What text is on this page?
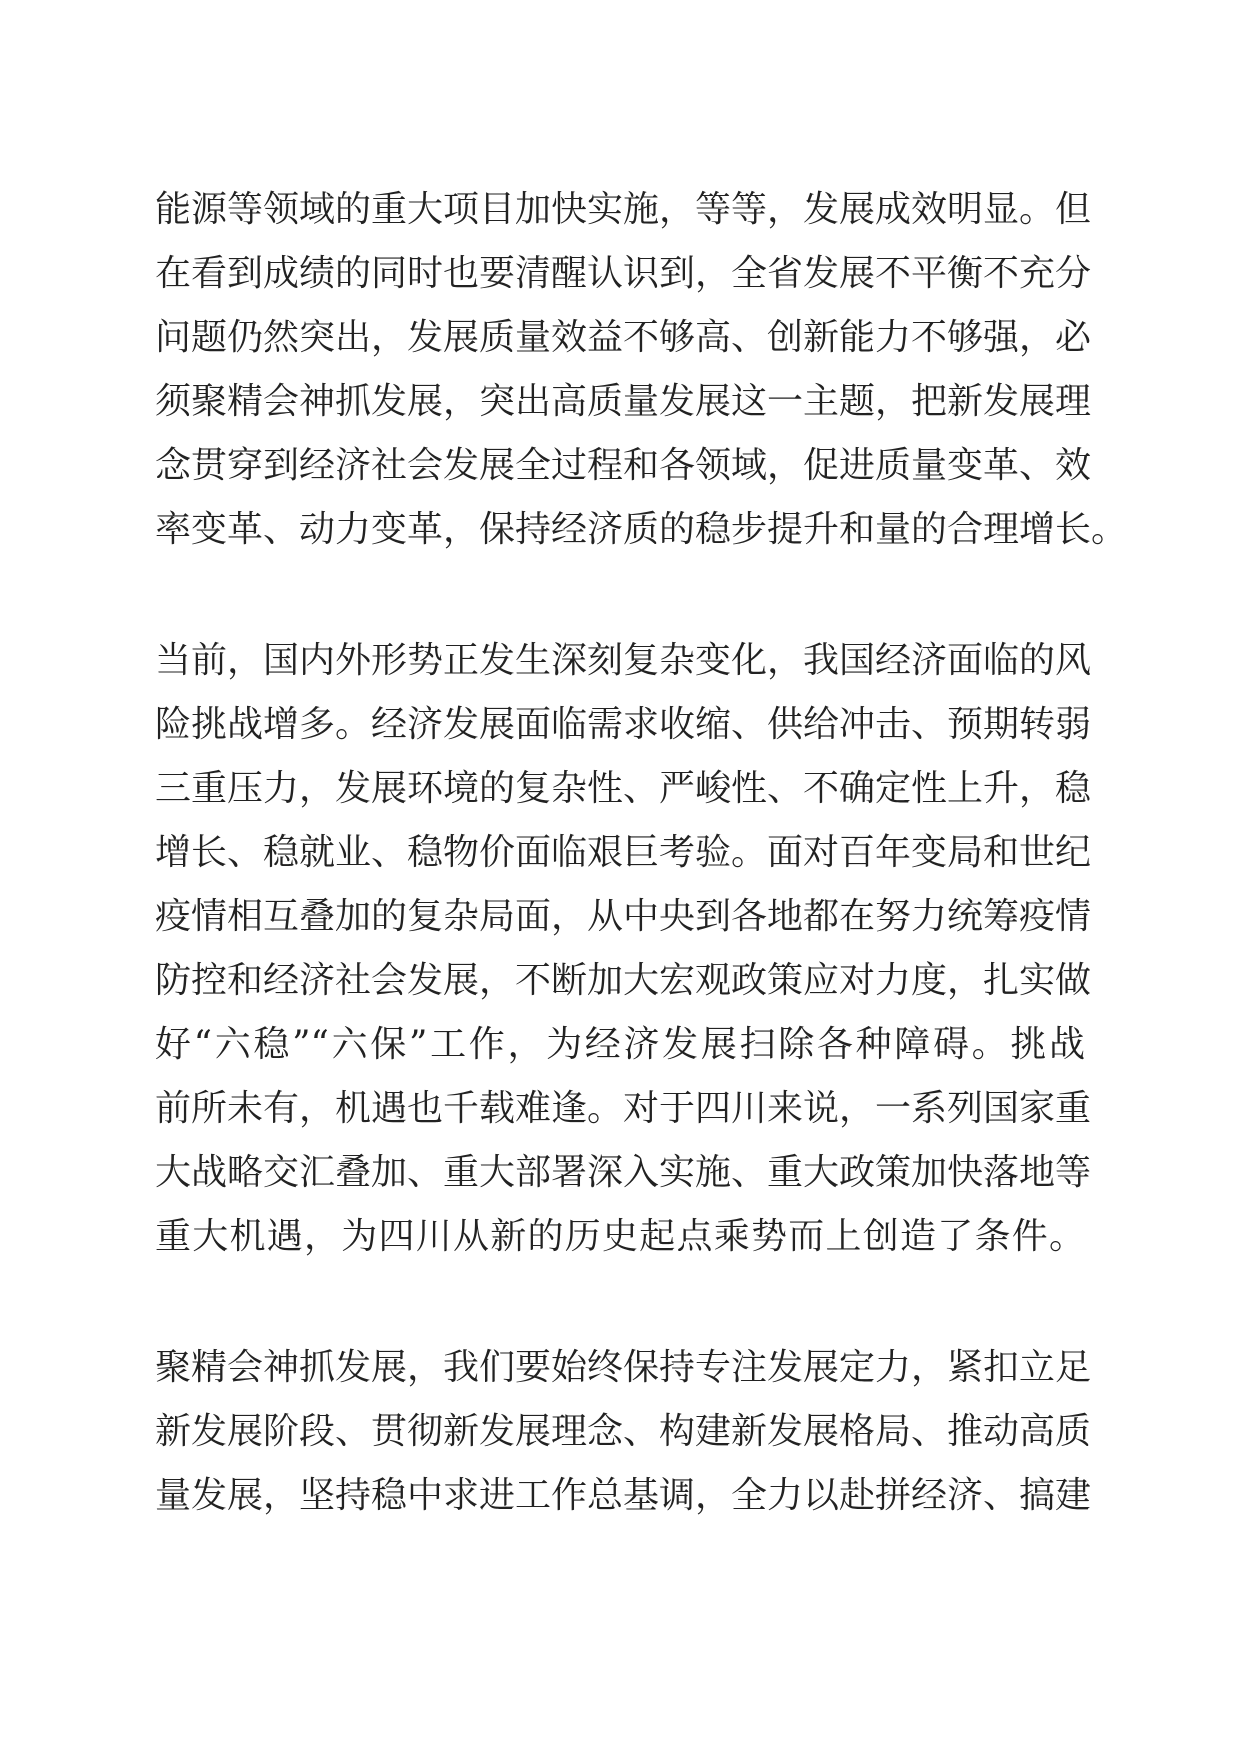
能源等领域的重大项目加快实施，等等，发展成效明显。但
在看到成绩的同时也要清醒认识到，全省发展不平衡不充分
问题仍然突出，发展质量效益不够高、创新能力不够强，必
须聚精会神抓发展，突出高质量发展这一主题，把新发展理
念贯穿到经济社会发展全过程和各领域，促进质量变革、效
率变革、动力变革，保持经济质的稳步提升和量的合理增长。
当前，国内外形势正发生深刻复杂变化，我国经济面临的风
险挑战增多。经济发展面临需求收缩、供给冲击、预期转弱
三重压力，发展环境的复杂性、严峻性、不确定性上升，稳
增长、稳就业、稳物价面临艰巨考验。面对百年变局和世纪
疫情相互叠加的复杂局面，从中央到各地都在努力统筹疫情
防控和经济社会发展，不断加大宏观政策应对力度，扎实做
好“六稳”“六保”工作，为经济发展扫除各种障碍。挑战
前所未有，机遇也千载难逢。对于四川来说，一系列国家重
大战略交汇叠加、重大部署深入实施、重大政策加快落地等
重大机遇，为四川从新的历史起点乘势而上创造了条件。
聚精会神抓发展，我们要始终保持专注发展定力，紧扣立足
新发展阶段、贯彻新发展理念、构建新发展格局、推动高质
量发展，坚持稳中求进工作总基调，全力以赴拼经济、搞建
